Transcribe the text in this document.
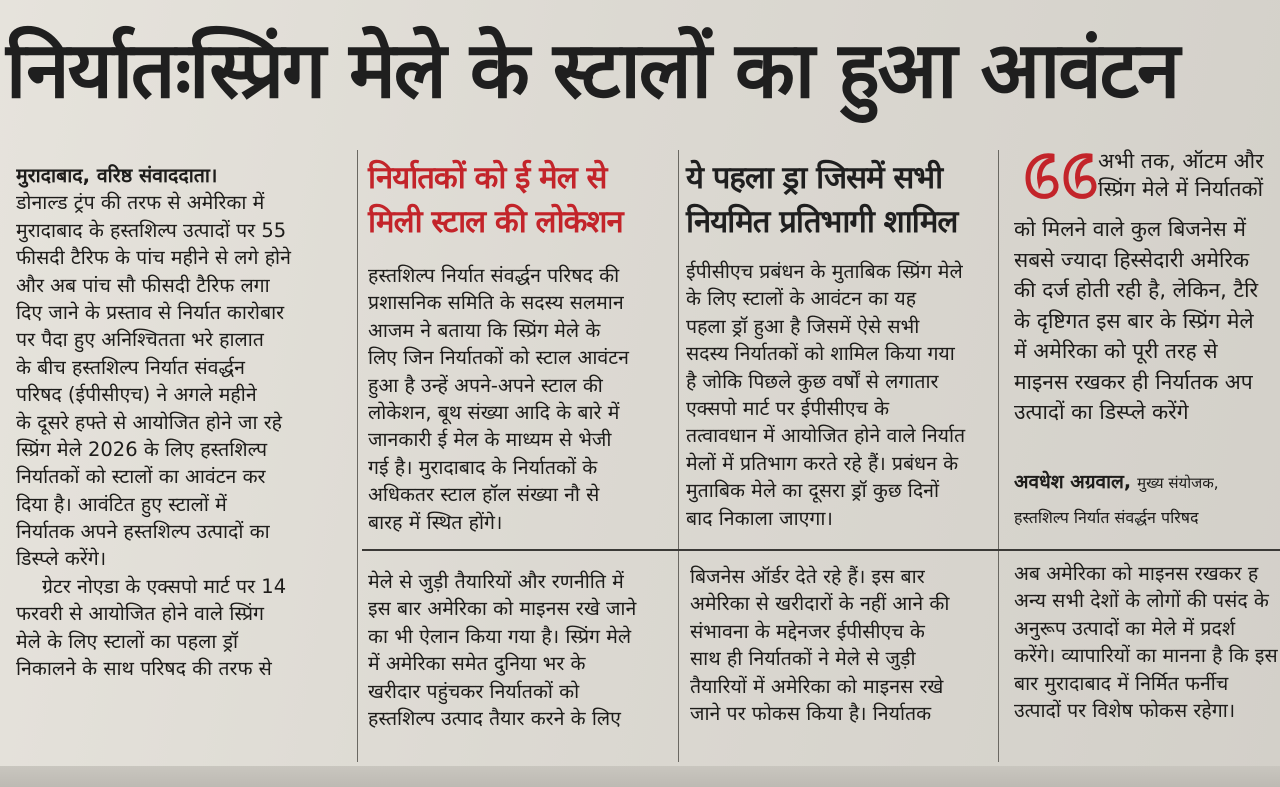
निर्यातःस्प्रिंग मेले के स्टालों का हुआ आवंटन
मुरादाबाद, वरिष्ठ संवाददाता।
डोनाल्ड ट्रंप की तरफ से अमेरिका में
मुरादाबाद के हस्तशिल्प उत्पादों पर 55
फीसदी टैरिफ के पांच महीने से लगे होने
और अब पांच सौ फीसदी टैरिफ लगा
दिए जाने के प्रस्ताव से निर्यात कारोबार
पर पैदा हुए अनिश्चितता भरे हालात
के बीच हस्तशिल्प निर्यात संवर्द्धन
परिषद (ईपीसीएच) ने अगले महीने
के दूसरे हफ्ते से आयोजित होने जा रहे
स्प्रिंग मेले 2026 के लिए हस्तशिल्प
निर्यातकों को स्टालों का आवंटन कर
दिया है। आवंटित हुए स्टालों में
निर्यातक अपने हस्तशिल्प उत्पादों का
डिस्प्ले करेंगे।
ग्रेटर नोएडा के एक्सपो मार्ट पर 14
फरवरी से आयोजित होने वाले स्प्रिंग
मेले के लिए स्टालों का पहला ड्रॉ
निकालने के साथ परिषद की तरफ से
निर्यातकों को ई मेल से
मिली स्टाल की लोकेशन
हस्तशिल्प निर्यात संवर्द्धन परिषद की
प्रशासनिक समिति के सदस्य सलमान
आजम ने बताया कि स्प्रिंग मेले के
लिए जिन निर्यातकों को स्टाल आवंटन
हुआ है उन्हें अपने-अपने स्टाल की
लोकेशन, बूथ संख्या आदि के बारे में
जानकारी ई मेल के माध्यम से भेजी
गई है। मुरादाबाद के निर्यातकों के
अधिकतर स्टाल हॉल संख्या नौ से
बारह में स्थित होंगे।
ये पहला ड्रा जिसमें सभी
नियमित प्रतिभागी शामिल
ईपीसीएच प्रबंधन के मुताबिक स्प्रिंग मेले
के लिए स्टालों के आवंटन का यह
पहला ड्रॉ हुआ है जिसमें ऐसे सभी
सदस्य निर्यातकों को शामिल किया गया
है जोकि पिछले कुछ वर्षों से लगातार
एक्सपो मार्ट पर ईपीसीएच के
तत्वावधान में आयोजित होने वाले निर्यात
मेलों में प्रतिभाग करते रहे हैं। प्रबंधन के
मुताबिक मेले का दूसरा ड्रॉ कुछ दिनों
बाद निकाला जाएगा।
अभी तक, ऑटम और
स्प्रिंग मेले में निर्यातकों
को मिलने वाले कुल बिजनेस में
सबसे ज्यादा हिस्सेदारी अमेरिक
की दर्ज होती रही है, लेकिन, टैरि
के दृष्टिगत इस बार के स्प्रिंग मेले
में अमेरिका को पूरी तरह से
माइनस रखकर ही निर्यातक अप
उत्पादों का डिस्प्ले करेंगे
अवधेश अग्रवाल, मुख्य संयोजक,
हस्तशिल्प निर्यात संवर्द्धन परिषद
मेले से जुड़ी तैयारियों और रणनीति में
इस बार अमेरिका को माइनस रखे जाने
का भी ऐलान किया गया है। स्प्रिंग मेले
में अमेरिका समेत दुनिया भर के
खरीदार पहुंचकर निर्यातकों को
हस्तशिल्प उत्पाद तैयार करने के लिए
बिजनेस ऑर्डर देते रहे हैं। इस बार
अमेरिका से खरीदारों के नहीं आने की
संभावना के मद्देनजर ईपीसीएच के
साथ ही निर्यातकों ने मेले से जुड़ी
तैयारियों में अमेरिका को माइनस रखे
जाने पर फोकस किया है। निर्यातक
अब अमेरिका को माइनस रखकर ह
अन्य सभी देशों के लोगों की पसंद के
अनुरूप उत्पादों का मेले में प्रदर्श
करेंगे। व्यापारियों का मानना है कि इस
बार मुरादाबाद में निर्मित फर्नीच
उत्पादों पर विशेष फोकस रहेगा।
